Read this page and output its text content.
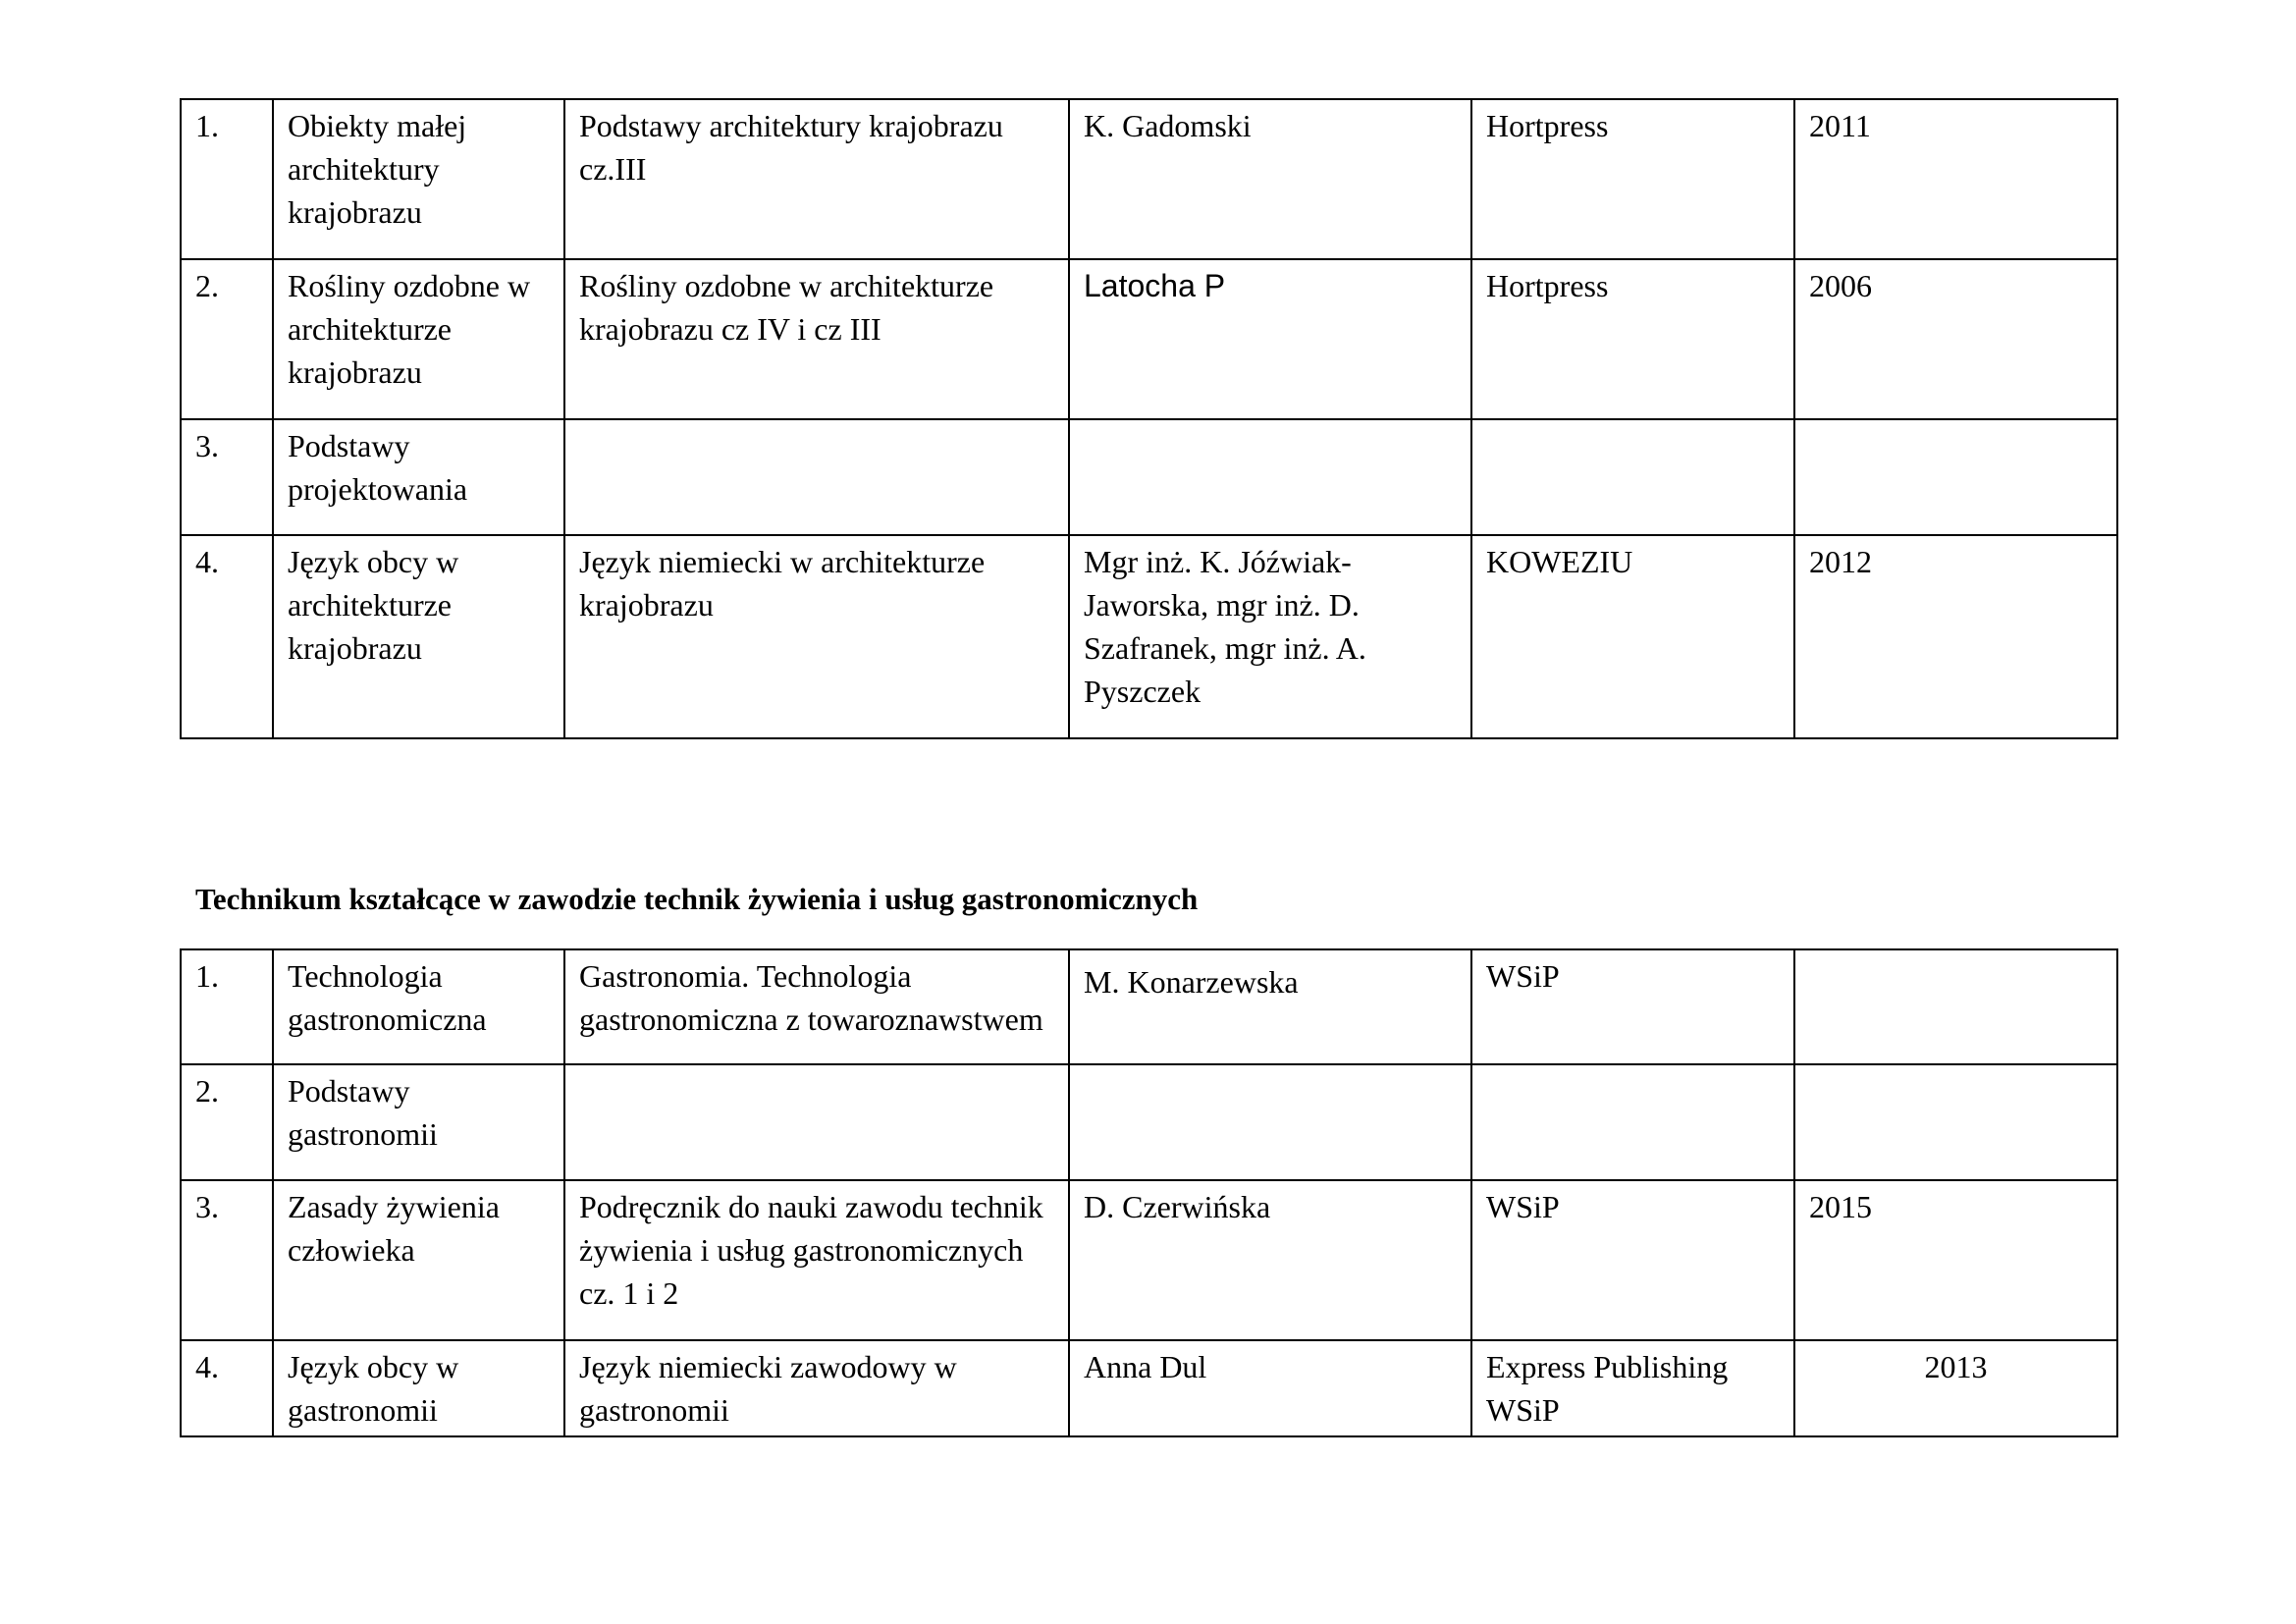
1.	Obiekty małej architektury krajobrazu	Podstawy architektury krajobrazu cz.III	K. Gadomski	Hortpress	2011
2.	Rośliny ozdobne w architekturze krajobrazu	Rośliny ozdobne w architekturze krajobrazu cz IV i cz III	Latocha P	Hortpress	2006
3.	Podstawy projektowania				
4.	Język obcy w architekturze krajobrazu	Język niemiecki w architekturze krajobrazu	Mgr inż. K. Jóźwiak-Jaworska, mgr inż. D. Szafranek, mgr inż. A. Pyszczek	KOWEZIU	2012
Technikum kształcące w zawodzie technik żywienia i usług gastronomicznych
1.	Technologia gastronomiczna	Gastronomia. Technologia gastronomiczna z towaroznawstwem	M. Konarzewska	WSiP	
2.	Podstawy gastronomii				
3.	Zasady żywienia człowieka	Podręcznik do nauki zawodu technik żywienia i usług gastronomicznych cz. 1 i 2	D. Czerwińska	WSiP	2015
4.	Język obcy w gastronomii	Język niemiecki zawodowy w gastronomii	Anna Dul	Express Publishing WSiP	2013
